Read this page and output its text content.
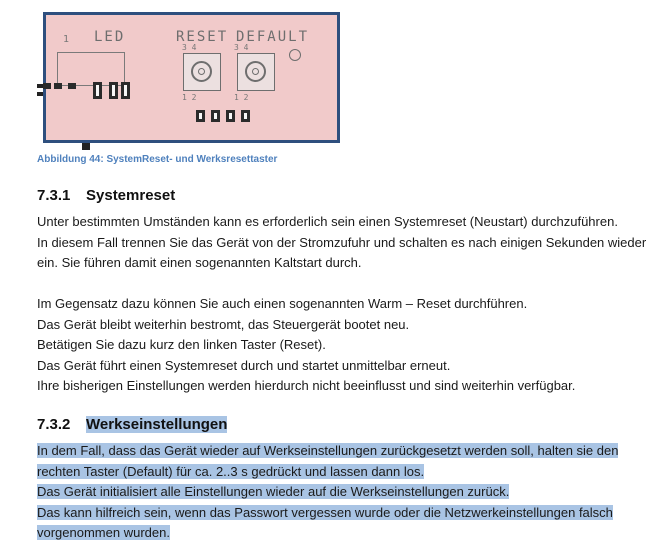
1 LED	RESET DEFAULT
3 4	3 4
1 2	1 2
Abbildung 44: SystemReset- und Werksresettaster
7.3.1 Systemreset
Unter bestimmten Umständen kann es erforderlich sein einen Systemreset (Neustart) durchzuführen.
In diesem Fall trennen Sie das Gerät von der Stromzufuhr und schalten es nach einigen Sekunden wieder
ein. Sie führen damit einen sogenannten Kaltstart durch.
Im Gegensatz dazu können Sie auch einen sogenannten Warm – Reset durchführen.
Das Gerät bleibt weiterhin bestromt, das Steuergerät bootet neu.
Betätigen Sie dazu kurz den linken Taster (Reset).
Das Gerät führt einen Systemreset durch und startet unmittelbar erneut.
Ihre bisherigen Einstellungen werden hierdurch nicht beeinflusst und sind weiterhin verfügbar.
7.3.2 Werkseinstellungen
In dem Fall, dass das Gerät wieder auf Werkseinstellungen zurückgesetzt werden soll, halten sie den
rechten Taster (Default) für ca. 2..3 s gedrückt und lassen dann los.
Das Gerät initialisiert alle Einstellungen wieder auf die Werkseinstellungen zurück.
Das kann hilfreich sein, wenn das Passwort vergessen wurde oder die Netzwerkeinstellungen falsch
vorgenommen wurden.
